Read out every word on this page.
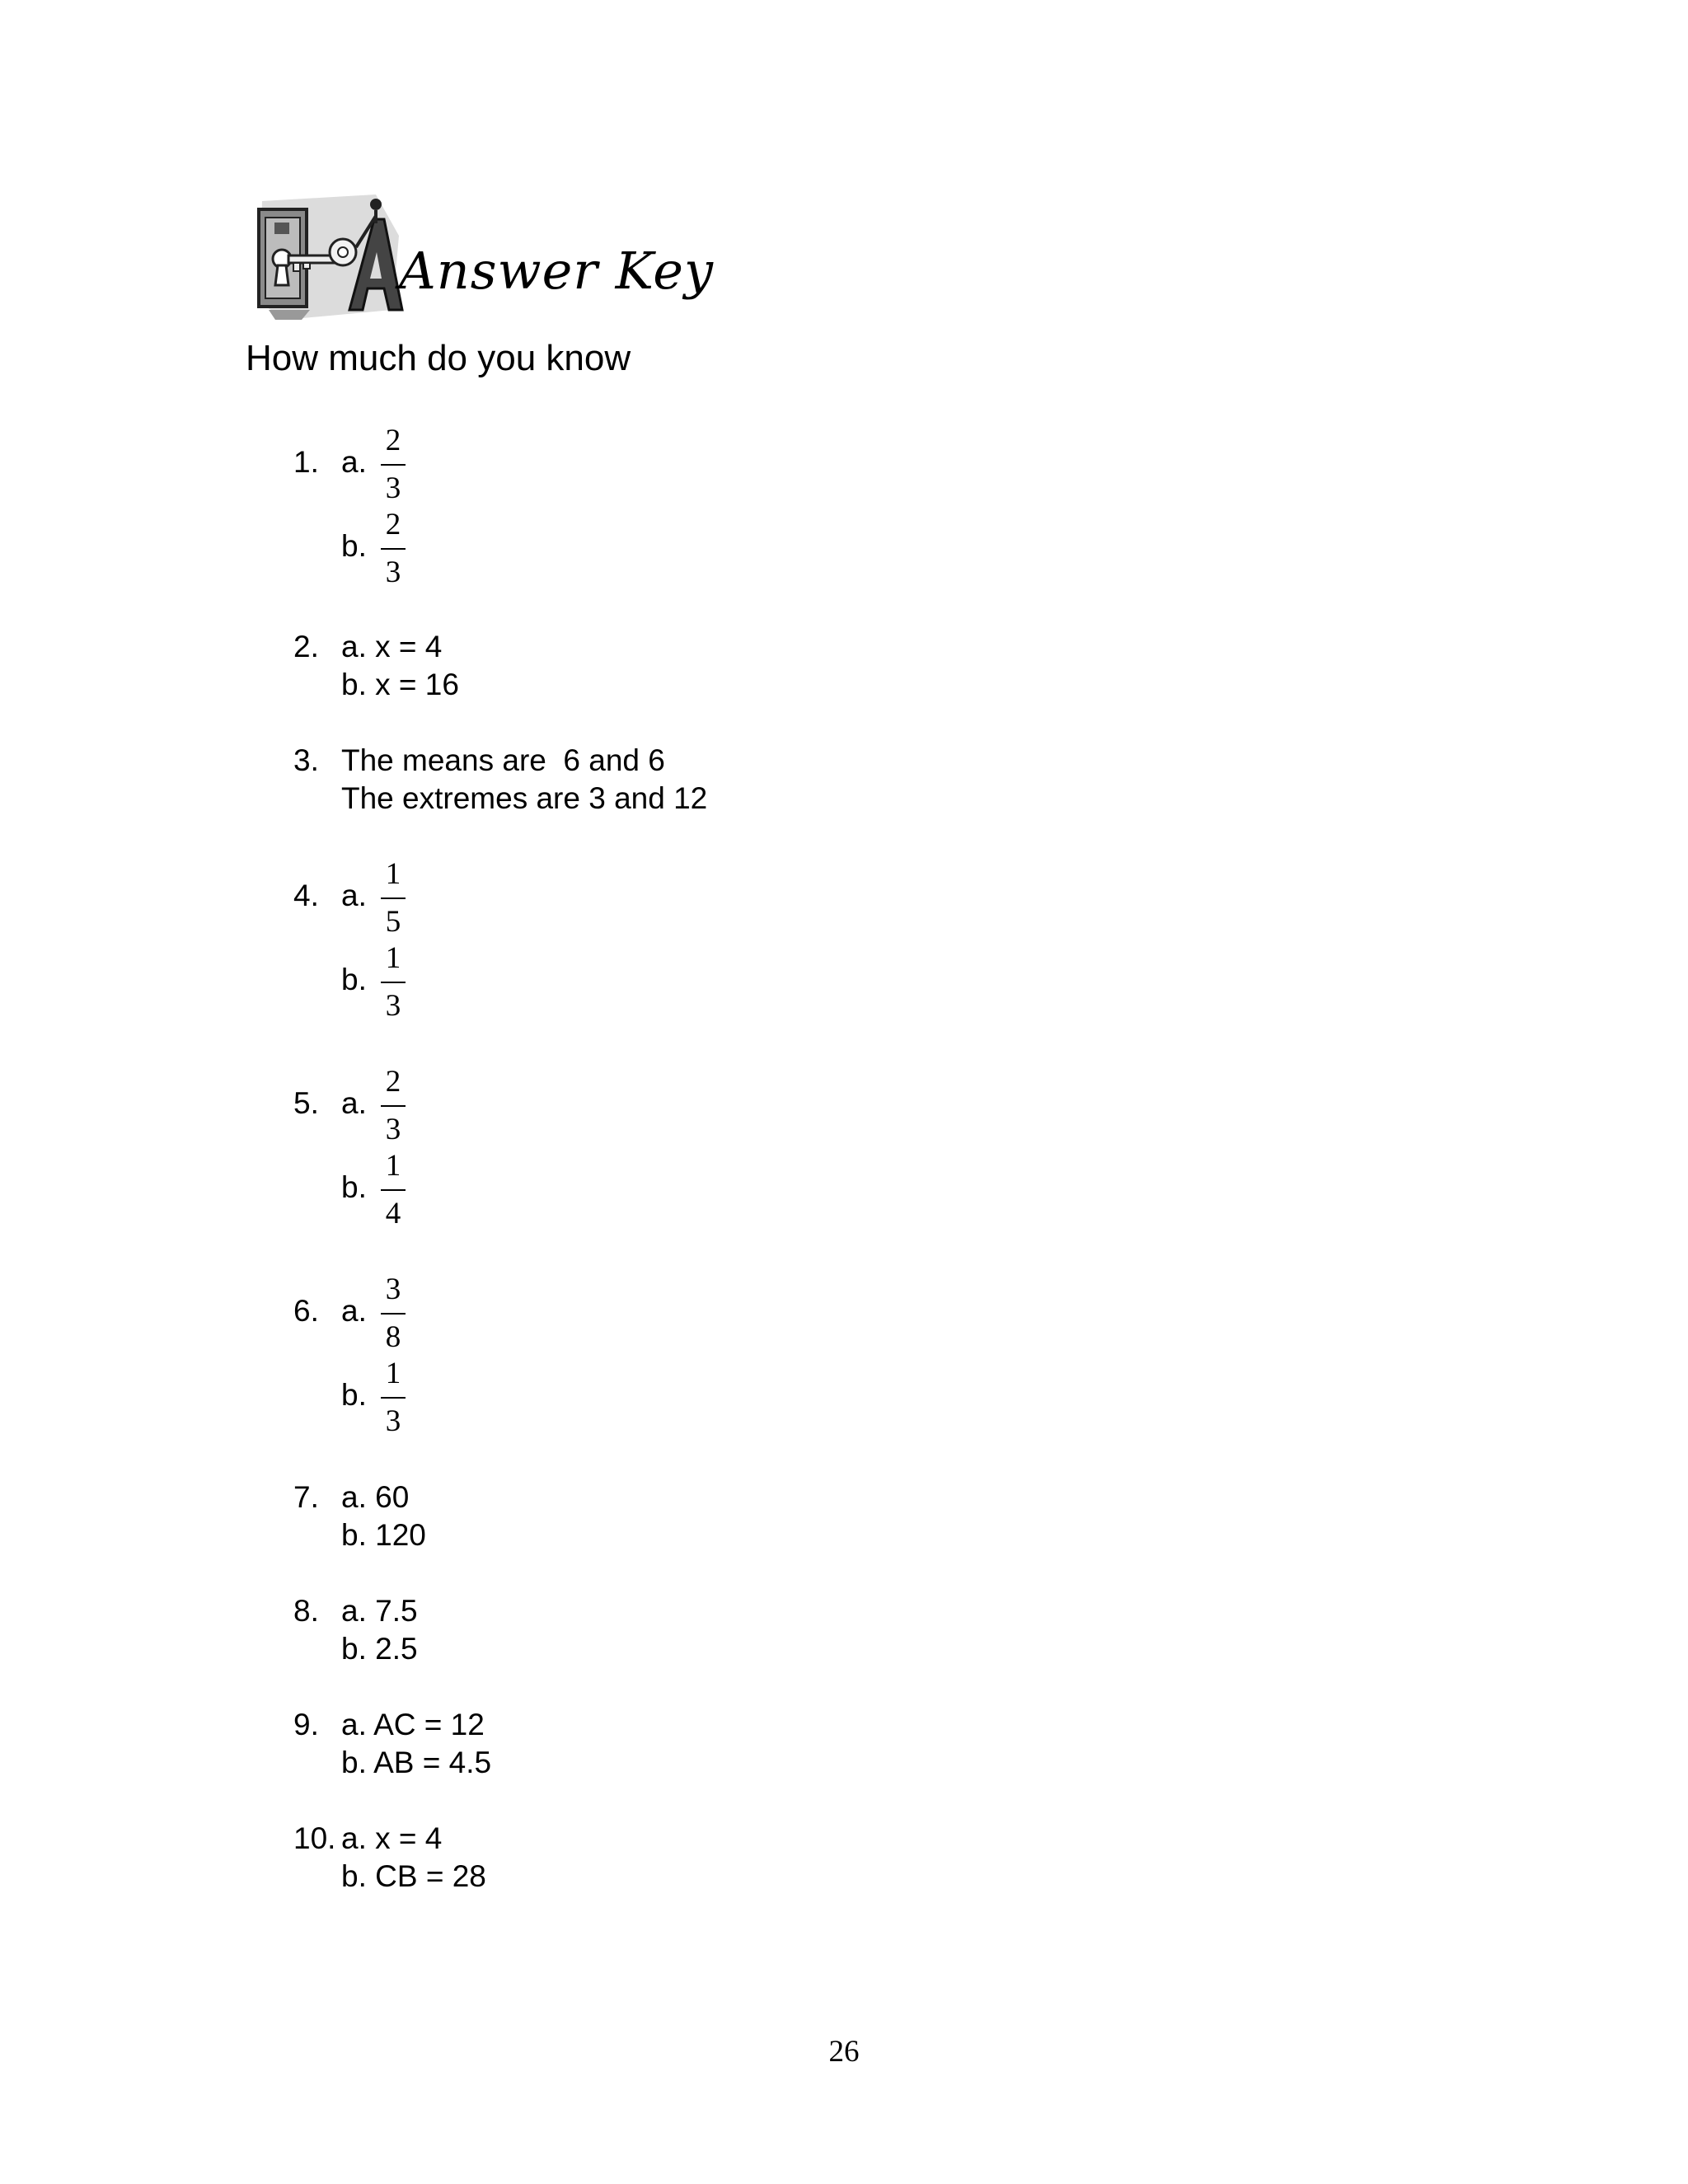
Answer Key
How much do you know
1. a.
2
3
b.
2
3
2. a. x = 4
b. x = 16
3. The means are  6 and 6
The extremes are 3 and 12
4. a.
1
5
b.
1
3
5. a.
2
3
b.
1
4
6. a.
3
8
b.
1
3
7. a. 60
b. 120
8. a. 7.5
b. 2.5
9. a. AC = 12
b. AB = 4.5
10. a. x = 4
b. CB = 28
26
